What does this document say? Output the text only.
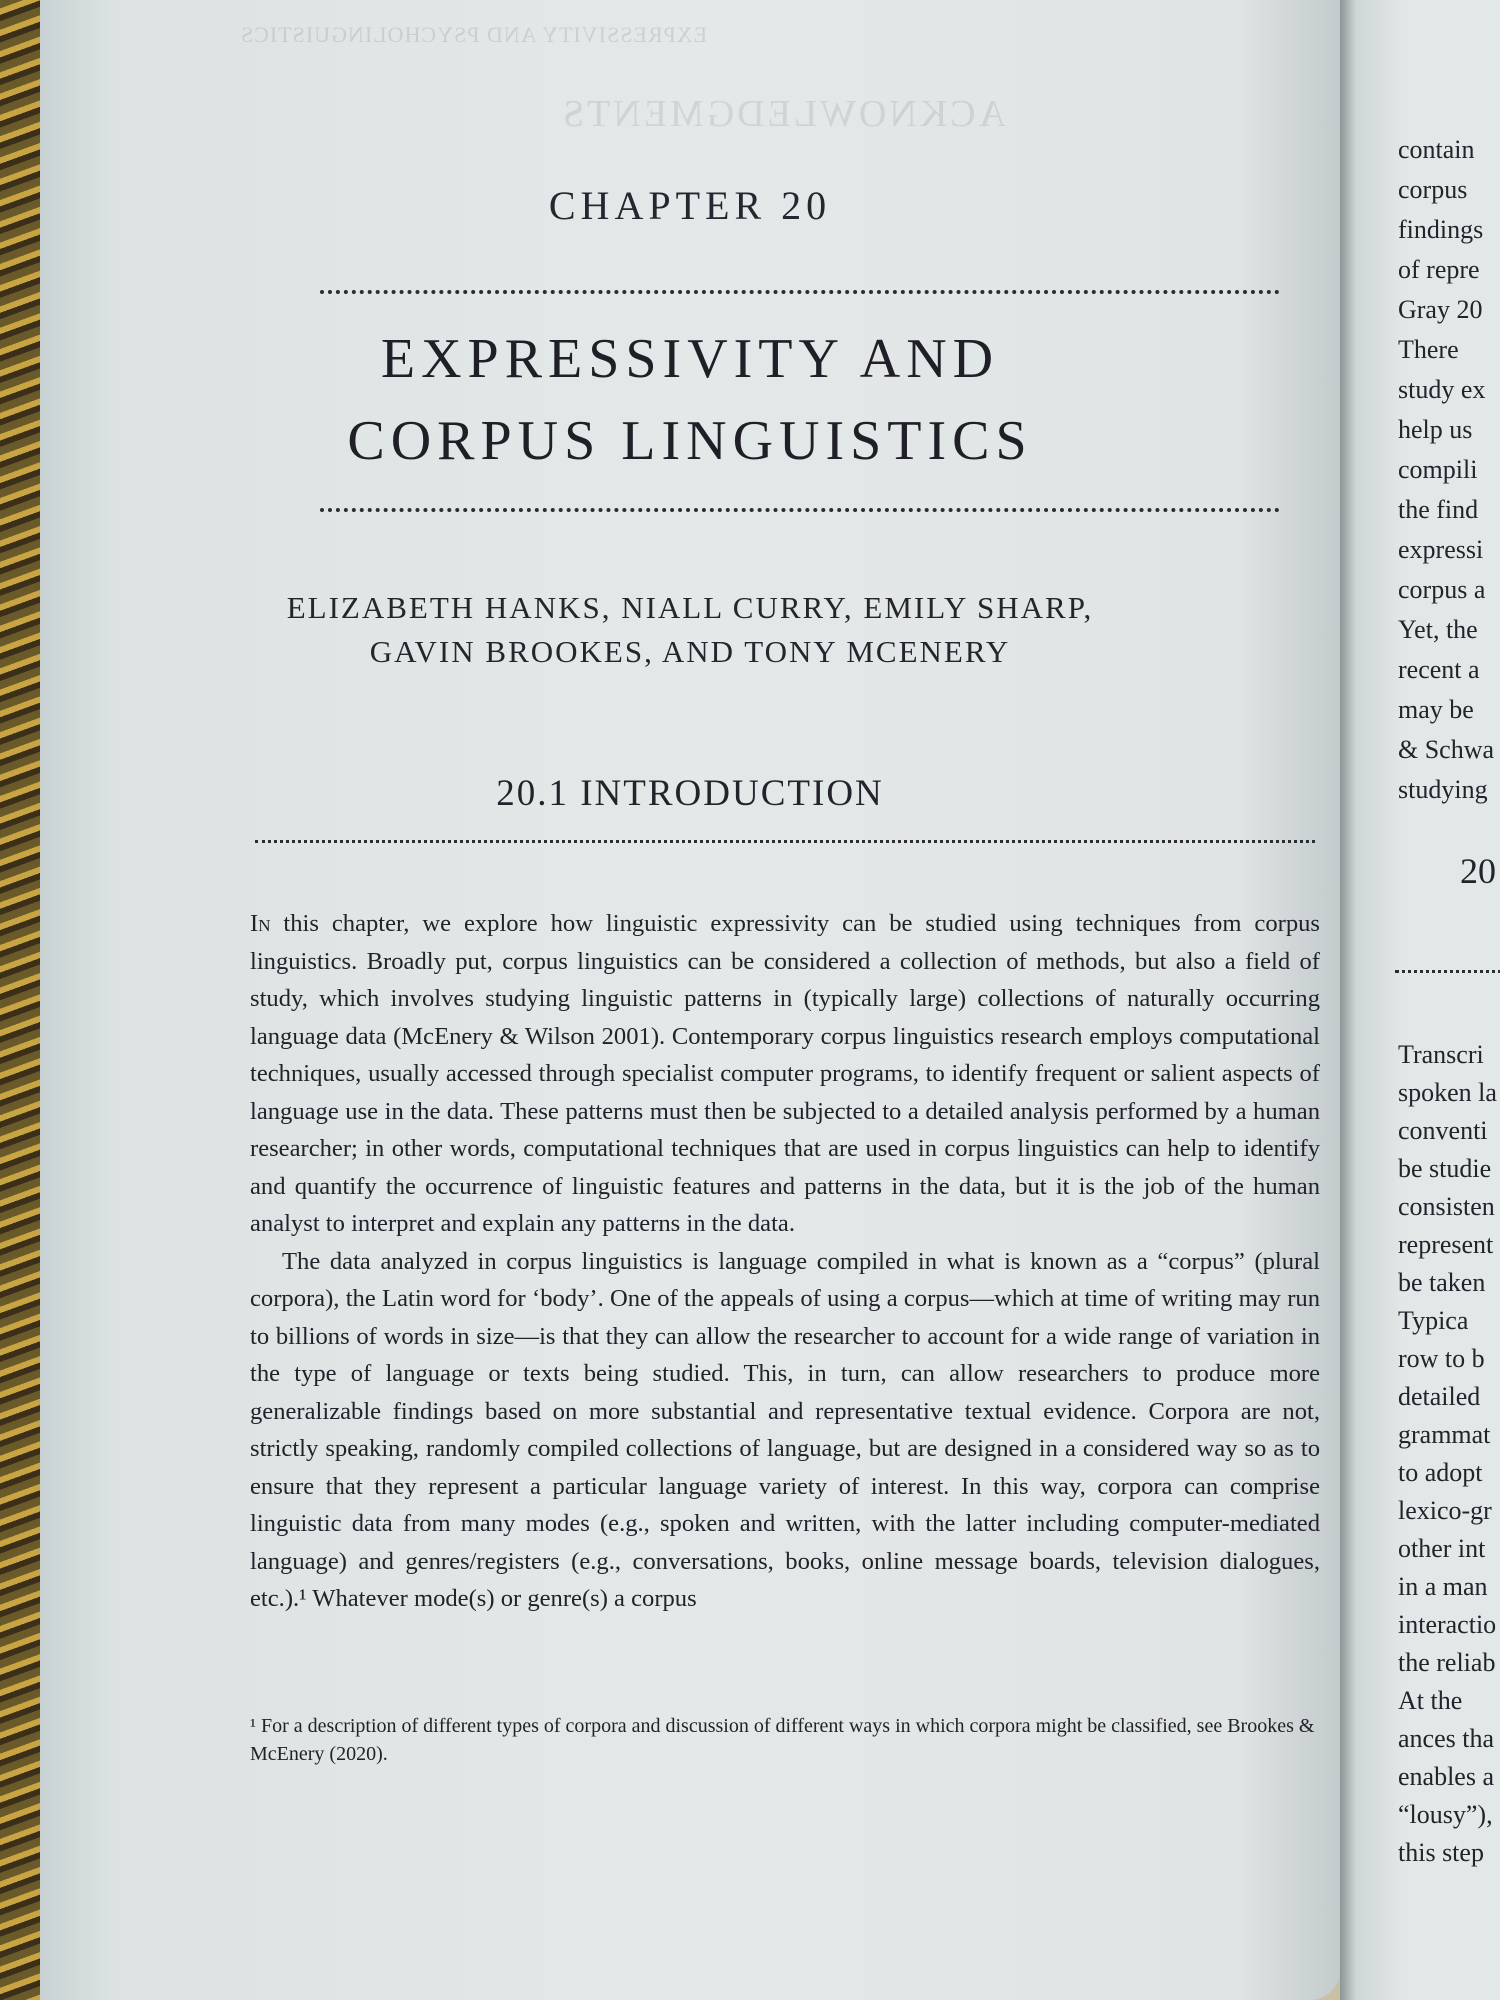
EXPRESSIVITY AND PSYCHOLINGUISTICS
ACKNOWLEDGMENTS
CHAPTER 20
EXPRESSIVITY AND
CORPUS LINGUISTICS
ELIZABETH HANKS, NIALL CURRY, EMILY SHARP,
GAVIN BROOKES, AND TONY MCENERY
20.1 INTRODUCTION

In this chapter, we explore how linguistic expressivity can be studied using techniques from corpus linguistics. Broadly put, corpus linguistics can be considered a collection of methods, but also a field of study, which involves studying linguistic patterns in (typically large) collections of naturally occurring language data (McEnery & Wilson 2001). Contemporary corpus linguistics research employs computational techniques, usually accessed through specialist computer programs, to identify frequent or salient aspects of language use in the data. These patterns must then be subjected to a detailed analysis performed by a human researcher; in other words, computational techniques that are used in corpus linguistics can help to identify and quantify the occurrence of linguistic features and patterns in the data, but it is the job of the human analyst to interpret and explain any patterns in the data.

The data analyzed in corpus linguistics is language compiled in what is known as a “corpus” (plural corpora), the Latin word for ‘body’. One of the appeals of using a corpus—which at time of writing may run to billions of words in size—is that they can allow the researcher to account for a wide range of variation in the type of language or texts being studied. This, in turn, can allow researchers to produce more generalizable findings based on more substantial and representative textual evidence. Corpora are not, strictly speaking, randomly compiled collections of language, but are designed in a considered way so as to ensure that they represent a particular language variety of interest. In this way, corpora can comprise linguistic data from many modes (e.g., spoken and written, with the latter including computer-mediated language) and genres/registers (e.g., conversations, books, online message boards, television dialogues, etc.).¹ Whatever mode(s) or genre(s) a corpus

¹ For a description of different types of corpora and discussion of different ways in which corpora might be classified, see Brookes & McEnery (2020).
contain
corpus
findings
of repre
Gray 20
There
study ex
help us
compili
the find
expressi
corpus a
Yet, the
recent a
may be
& Schwa
studying
20
Transcri
spoken la
conventi
be studie
consisten
represent
be taken
Typica
row to b
detailed
grammat
to adopt
lexico-gr
other int
in a man
interactio
the reliab
At the
ances tha
enables a
“lousy”),
this step
